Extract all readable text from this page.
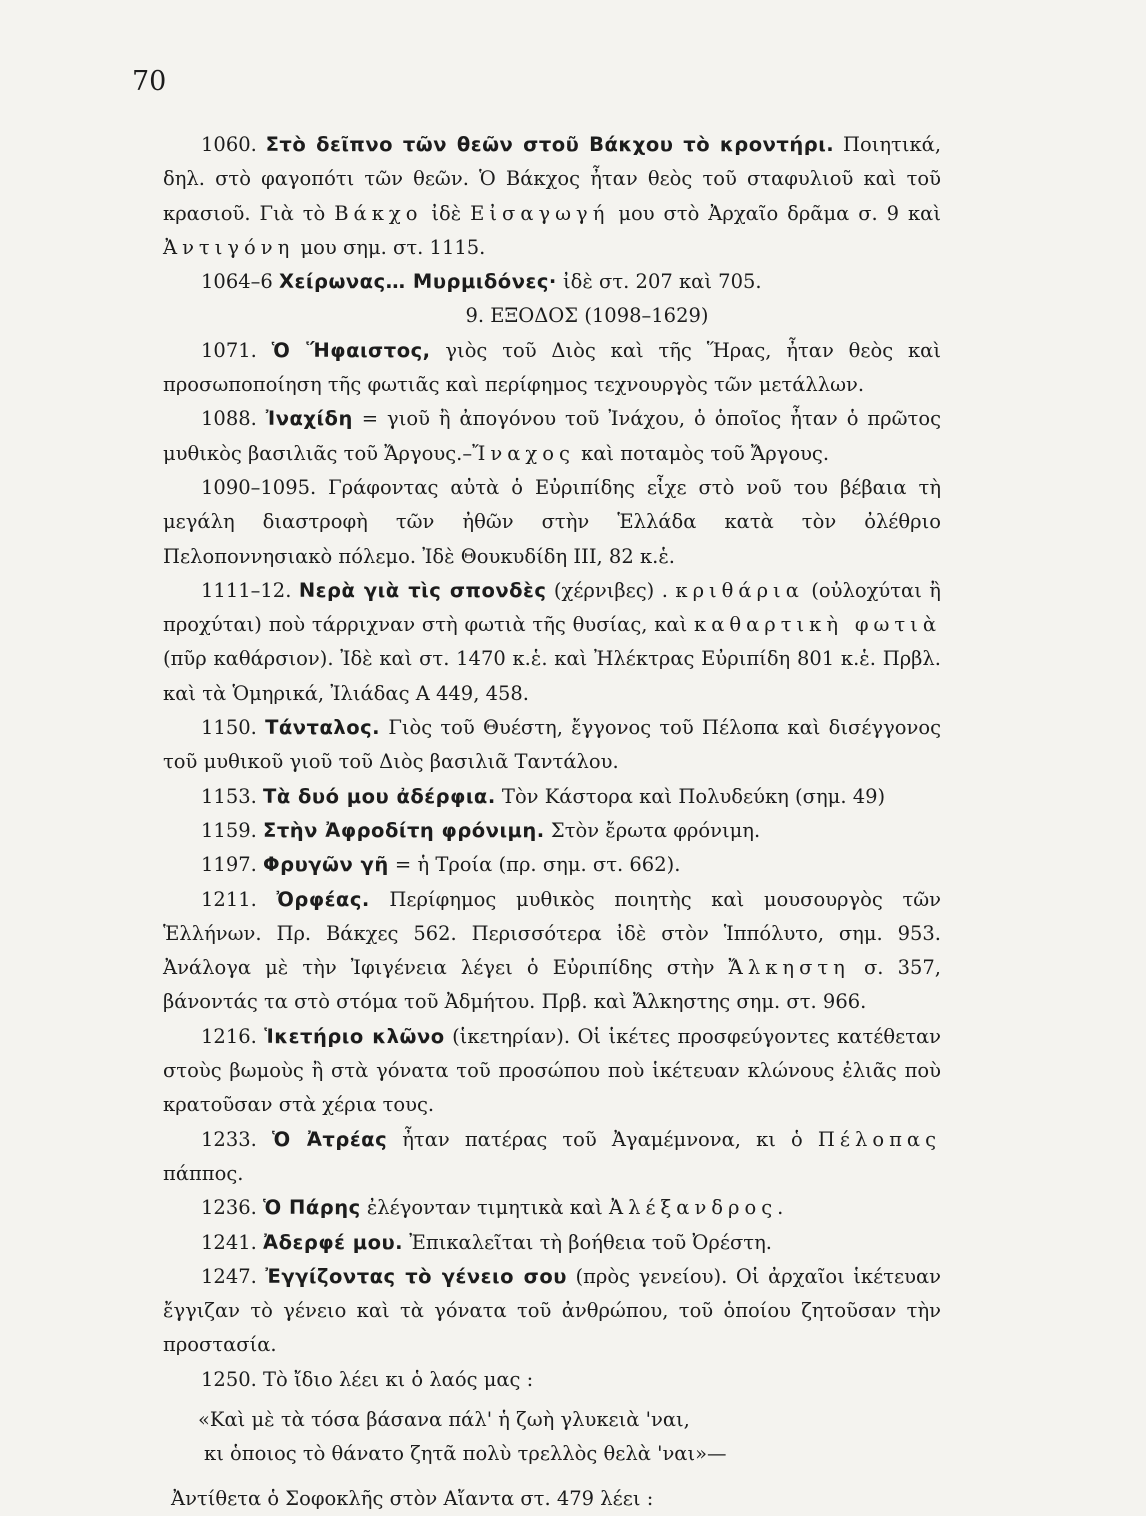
70

1060. Στὸ δεῖπνο τῶν θεῶν στοῦ Βάκχου τὸ κροντήρι. Ποιητικά, δηλ. στὸ φαγοπότι τῶν θεῶν. Ὁ Βάκχος ἦταν θεὸς τοῦ σταφυλιοῦ καὶ τοῦ κρασιοῦ. Γιὰ τὸ Βάκχο ἰδὲ Εἰσαγωγή μου στὸ Ἀρχαῖο δρᾶμα σ. 9 καὶ Ἀντιγόνη μου σημ. στ. 1115.

1064–6 Χείρωνας… Μυρμιδόνες· ἰδὲ στ. 207 καὶ 705.

9. ΕΞΟΔΟΣ (1098–1629)

1071. Ὁ Ἥφαιστος, γιὸς τοῦ Διὸς καὶ τῆς Ἥρας, ἦταν θεὸς καὶ προσωποποίηση τῆς φωτιᾶς καὶ περίφημος τεχνουργὸς τῶν μετάλλων.

1088. Ἰναχίδη = γιοῦ ἢ ἀπογόνου τοῦ Ἰνάχου, ὁ ὁποῖος ἦταν ὁ πρῶτος μυθικὸς βασιλιᾶς τοῦ Ἄργους.–Ἴναχος καὶ ποταμὸς τοῦ Ἄργους.

1090–1095. Γράφοντας αὐτὰ ὁ Εὐριπίδης εἶχε στὸ νοῦ του βέβαια τὴ μεγάλη διαστροφὴ τῶν ἠθῶν στὴν Ἑλλάδα κατὰ τὸν ὀλέθριο Πελοποννησιακὸ πόλεμο. Ἰδὲ Θουκυδίδη III, 82 κ.ἑ.

1111–12. Νερὰ γιὰ τὶς σπονδὲς (χέρνιβες) . κριθάρια (οὐλοχύται ἢ προχύται) ποὺ τάρριχναν στὴ φωτιὰ τῆς θυσίας, καὶ καθαρτικὴ φωτιὰ (πῦρ καθάρσιον). Ἰδὲ καὶ στ. 1470 κ.ἑ. καὶ Ἠλέκτρας Εὐριπίδη 801 κ.ἑ. Πρβλ. καὶ τὰ Ὁμηρικά, Ἰλιάδας Α 449, 458.

1150. Τάνταλος. Γιὸς τοῦ Θυέστη, ἔγγονος τοῦ Πέλοπα καὶ δισέγγονος τοῦ μυθικοῦ γιοῦ τοῦ Διὸς βασιλιᾶ Ταντάλου.

1153. Τὰ δυό μου ἀδέρφια. Τὸν Κάστορα καὶ Πολυδεύκη (σημ. 49)

1159. Στὴν Ἀφροδίτη φρόνιμη. Στὸν ἔρωτα φρόνιμη.

1197. Φρυγῶν γῆ = ἡ Τροία (πρ. σημ. στ. 662).

1211. Ὀρφέας. Περίφημος μυθικὸς ποιητὴς καὶ μουσουργὸς τῶν Ἑλλήνων. Πρ. Βάκχες 562. Περισσότερα ἰδὲ στὸν Ἱππόλυτο, σημ. 953. Ἀνάλογα μὲ τὴν Ἰφιγένεια λέγει ὁ Εὐριπίδης στὴν Ἄλκηστη σ. 357, βάνοντάς τα στὸ στόμα τοῦ Ἀδμήτου. Πρβ. καὶ Ἄλκηστης σημ. στ. 966.

1216. Ἱκετήριο κλῶνο (ἱκετηρίαν). Οἱ ἱκέτες προσφεύγοντες κατέθεταν στοὺς βωμοὺς ἢ στὰ γόνατα τοῦ προσώπου ποὺ ἱκέτευαν κλώνους ἐλιᾶς ποὺ κρατοῦσαν στὰ χέρια τους.

1233. Ὁ Ἀτρέας ἦταν πατέρας τοῦ Ἀγαμέμνονα, κι ὁ Πέλοπας πάππος.

1236. Ὁ Πάρης ἐλέγονταν τιμητικὰ καὶ Ἀλέξανδρος.

1241. Ἀδερφέ μου. Ἐπικαλεῖται τὴ βοήθεια τοῦ Ὀρέστη.

1247. Ἐγγίζοντας τὸ γένειο σου (πρὸς γενείου). Οἱ ἀρχαῖοι ἱκέτευαν ἔγγιζαν τὸ γένειο καὶ τὰ γόνατα τοῦ ἀνθρώπου, τοῦ ὁποίου ζητοῦσαν τὴν προστασία.

1250. Τὸ ἴδιο λέει κι ὁ λαός μας :

«Καὶ μὲ τὰ τόσα βάσανα πάλ' ἡ ζωὴ γλυκειὰ 'ναι,
κι ὁποιος τὸ θάνατο ζητᾶ πολὺ τρελλὸς θελὰ 'ναι»—

Ἀντίθετα ὁ Σοφοκλῆς στὸν Αἴαντα στ. 479 λέει :
